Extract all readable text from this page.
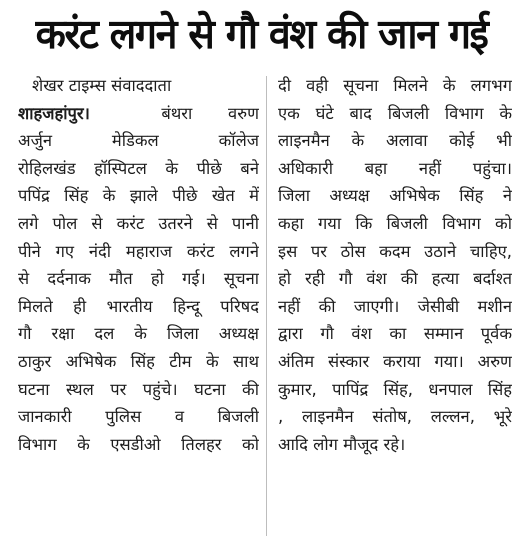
करंट लगने से गौ वंश की जान गई
शेखर टाइम्स संवाददाता
शाहजहांपुर।	बंथरा वरुण
अर्जुन मेडिकल कॉलेज
रोहिलखंड हॉस्पिटल के पीछे बने
पपिंद्र सिंह के झाले पीछे खेत में
लगे पोल से करंट उतरने से पानी
पीने गए नंदी महाराज करंट लगने
से दर्दनाक मौत हो गई। सूचना
मिलते ही भारतीय हिन्दू परिषद
गौ रक्षा दल के जिला अध्यक्ष
ठाकुर अभिषेक सिंह टीम के साथ
घटना स्थल पर पहुंचे। घटना की
जानकारी पुलिस व बिजली
विभाग के एसडीओ तिलहर को
दी वही सूचना मिलने के लगभग
एक घंटे बाद बिजली विभाग के
लाइनमैन के अलावा कोई भी
अधिकारी बहा नहीं पहुंचा।
जिला अध्यक्ष अभिषेक सिंह ने
कहा गया कि बिजली विभाग को
इस पर ठोस कदम उठाने चाहिए,
हो रही गौ वंश की हत्या बर्दाश्त
नहीं की जाएगी। जेसीबी मशीन
द्वारा गौ वंश का सम्मान पूर्वक
अंतिम संस्कार कराया गया। अरुण
कुमार, पापिंद्र सिंह, धनपाल सिंह
, लाइनमैन संतोष, लल्लन, भूरे
आदि लोग मौजूद रहे।
